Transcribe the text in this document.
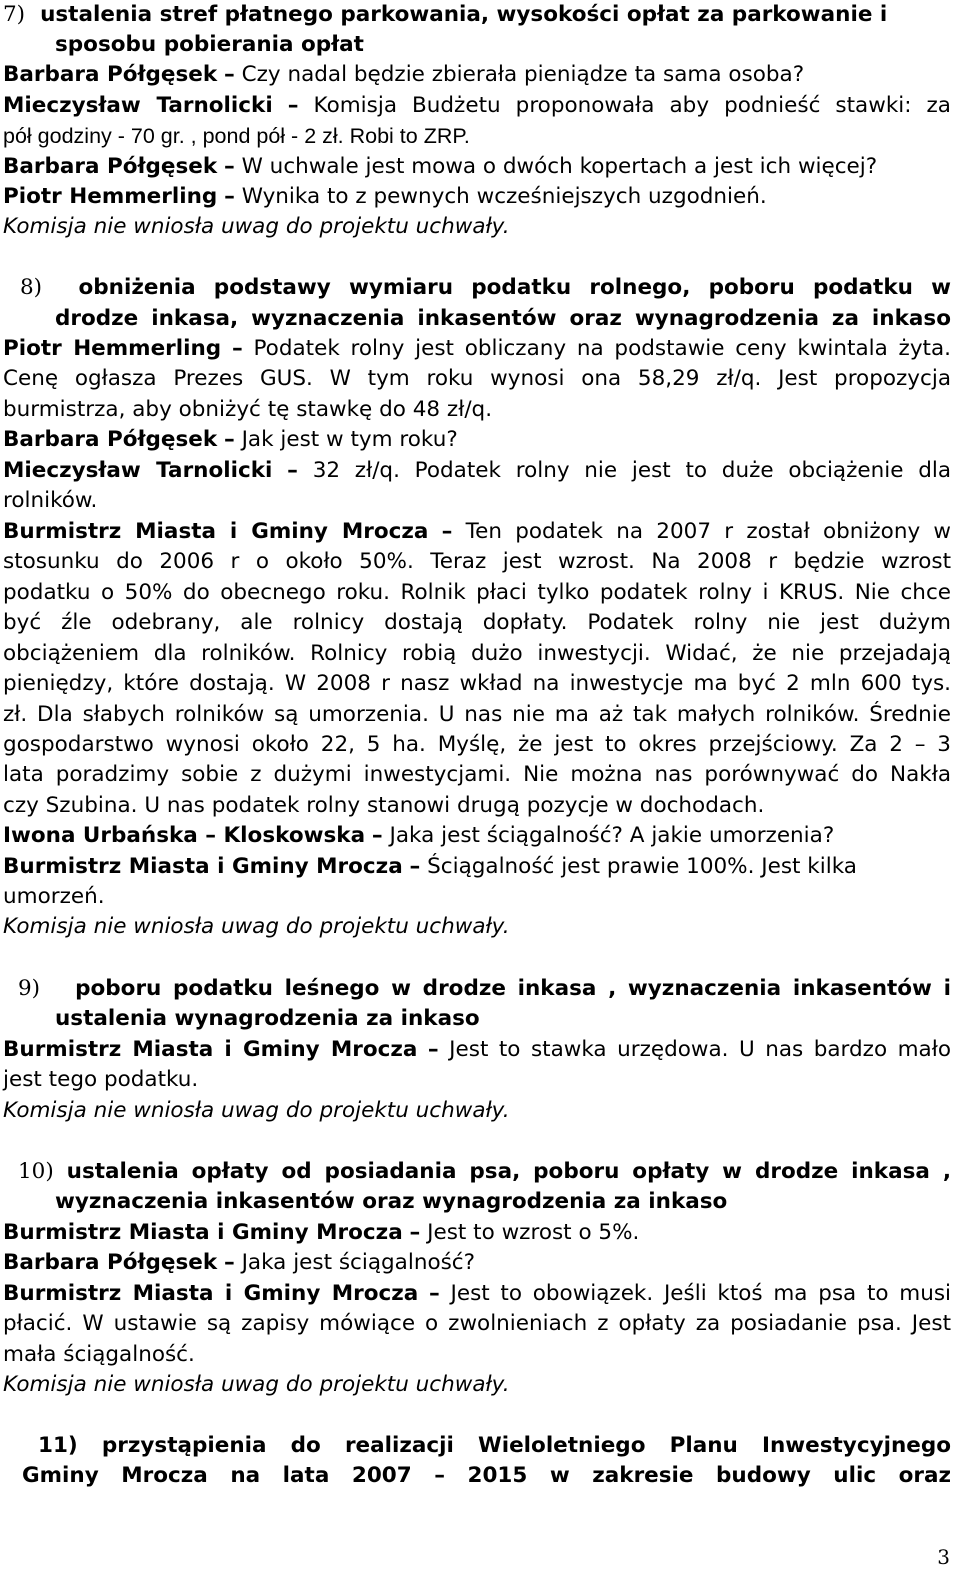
7) ustalenia stref płatnego parkowania, wysokości opłat za parkowanie i
sposobu pobierania opłat
Barbara Półgęsek – Czy nadal będzie zbierała pieniądze ta sama osoba?
Mieczysław Tarnolicki – Komisja Budżetu proponowała aby podnieść stawki: za
pół godziny - 70 gr. , pond pół - 2 zł. Robi to ZRP.
Barbara Półgęsek – W uchwale jest mowa o dwóch kopertach a jest ich więcej?
Piotr Hemmerling – Wynika to z pewnych wcześniejszych uzgodnień.
Komisja nie wniosła uwag do projektu uchwały.
8) obniżenia podstawy wymiaru podatku rolnego, poboru podatku w
drodze inkasa, wyznaczenia inkasentów oraz wynagrodzenia za inkaso
Piotr Hemmerling – Podatek rolny jest obliczany na podstawie ceny kwintala żyta.
Cenę ogłasza Prezes GUS. W tym roku wynosi ona 58,29 zł/q. Jest propozycja
burmistrza, aby obniżyć tę stawkę do 48 zł/q.
Barbara Półgęsek – Jak jest w tym roku?
Mieczysław Tarnolicki – 32 zł/q. Podatek rolny nie jest to duże obciążenie dla
rolników.
Burmistrz Miasta i Gminy Mrocza – Ten podatek na 2007 r został obniżony w
stosunku do 2006 r o około 50%. Teraz jest wzrost. Na 2008 r będzie wzrost
podatku o 50% do obecnego roku. Rolnik płaci tylko podatek rolny i KRUS. Nie chce
być źle odebrany, ale rolnicy dostają dopłaty. Podatek rolny nie jest dużym
obciążeniem dla rolników. Rolnicy robią dużo inwestycji. Widać, że nie przejadają
pieniędzy, które dostają. W 2008 r nasz wkład na inwestycje ma być 2 mln 600 tys.
zł. Dla słabych rolników są umorzenia. U nas nie ma aż tak małych rolników. Średnie
gospodarstwo wynosi około 22, 5 ha. Myślę, że jest to okres przejściowy. Za 2 – 3
lata poradzimy sobie z dużymi inwestycjami. Nie można nas porównywać do Nakła
czy Szubina. U nas podatek rolny stanowi drugą pozycje w dochodach.
Iwona Urbańska – Kloskowska – Jaka jest ściągalność? A jakie umorzenia?
Burmistrz Miasta i Gminy Mrocza – Ściągalność jest prawie 100%. Jest kilka
umorzeń.
Komisja nie wniosła uwag do projektu uchwały.
9) poboru podatku leśnego w drodze inkasa , wyznaczenia inkasentów i
ustalenia wynagrodzenia za inkaso
Burmistrz Miasta i Gminy Mrocza – Jest to stawka urzędowa. U nas bardzo mało
jest tego podatku.
Komisja nie wniosła uwag do projektu uchwały.
10) ustalenia opłaty od posiadania psa, poboru opłaty w drodze inkasa ,
wyznaczenia inkasentów oraz wynagrodzenia za inkaso
Burmistrz Miasta i Gminy Mrocza – Jest to wzrost o 5%.
Barbara Półgęsek – Jaka jest ściągalność?
Burmistrz Miasta i Gminy Mrocza – Jest to obowiązek. Jeśli ktoś ma psa to musi
płacić. W ustawie są zapisy mówiące o zwolnieniach z opłaty za posiadanie psa. Jest
mała ściągalność.
Komisja nie wniosła uwag do projektu uchwały.
11) przystąpienia do realizacji Wieloletniego Planu Inwestycyjnego
Gminy Mrocza na lata 2007 – 2015 w zakresie budowy ulic oraz
3
